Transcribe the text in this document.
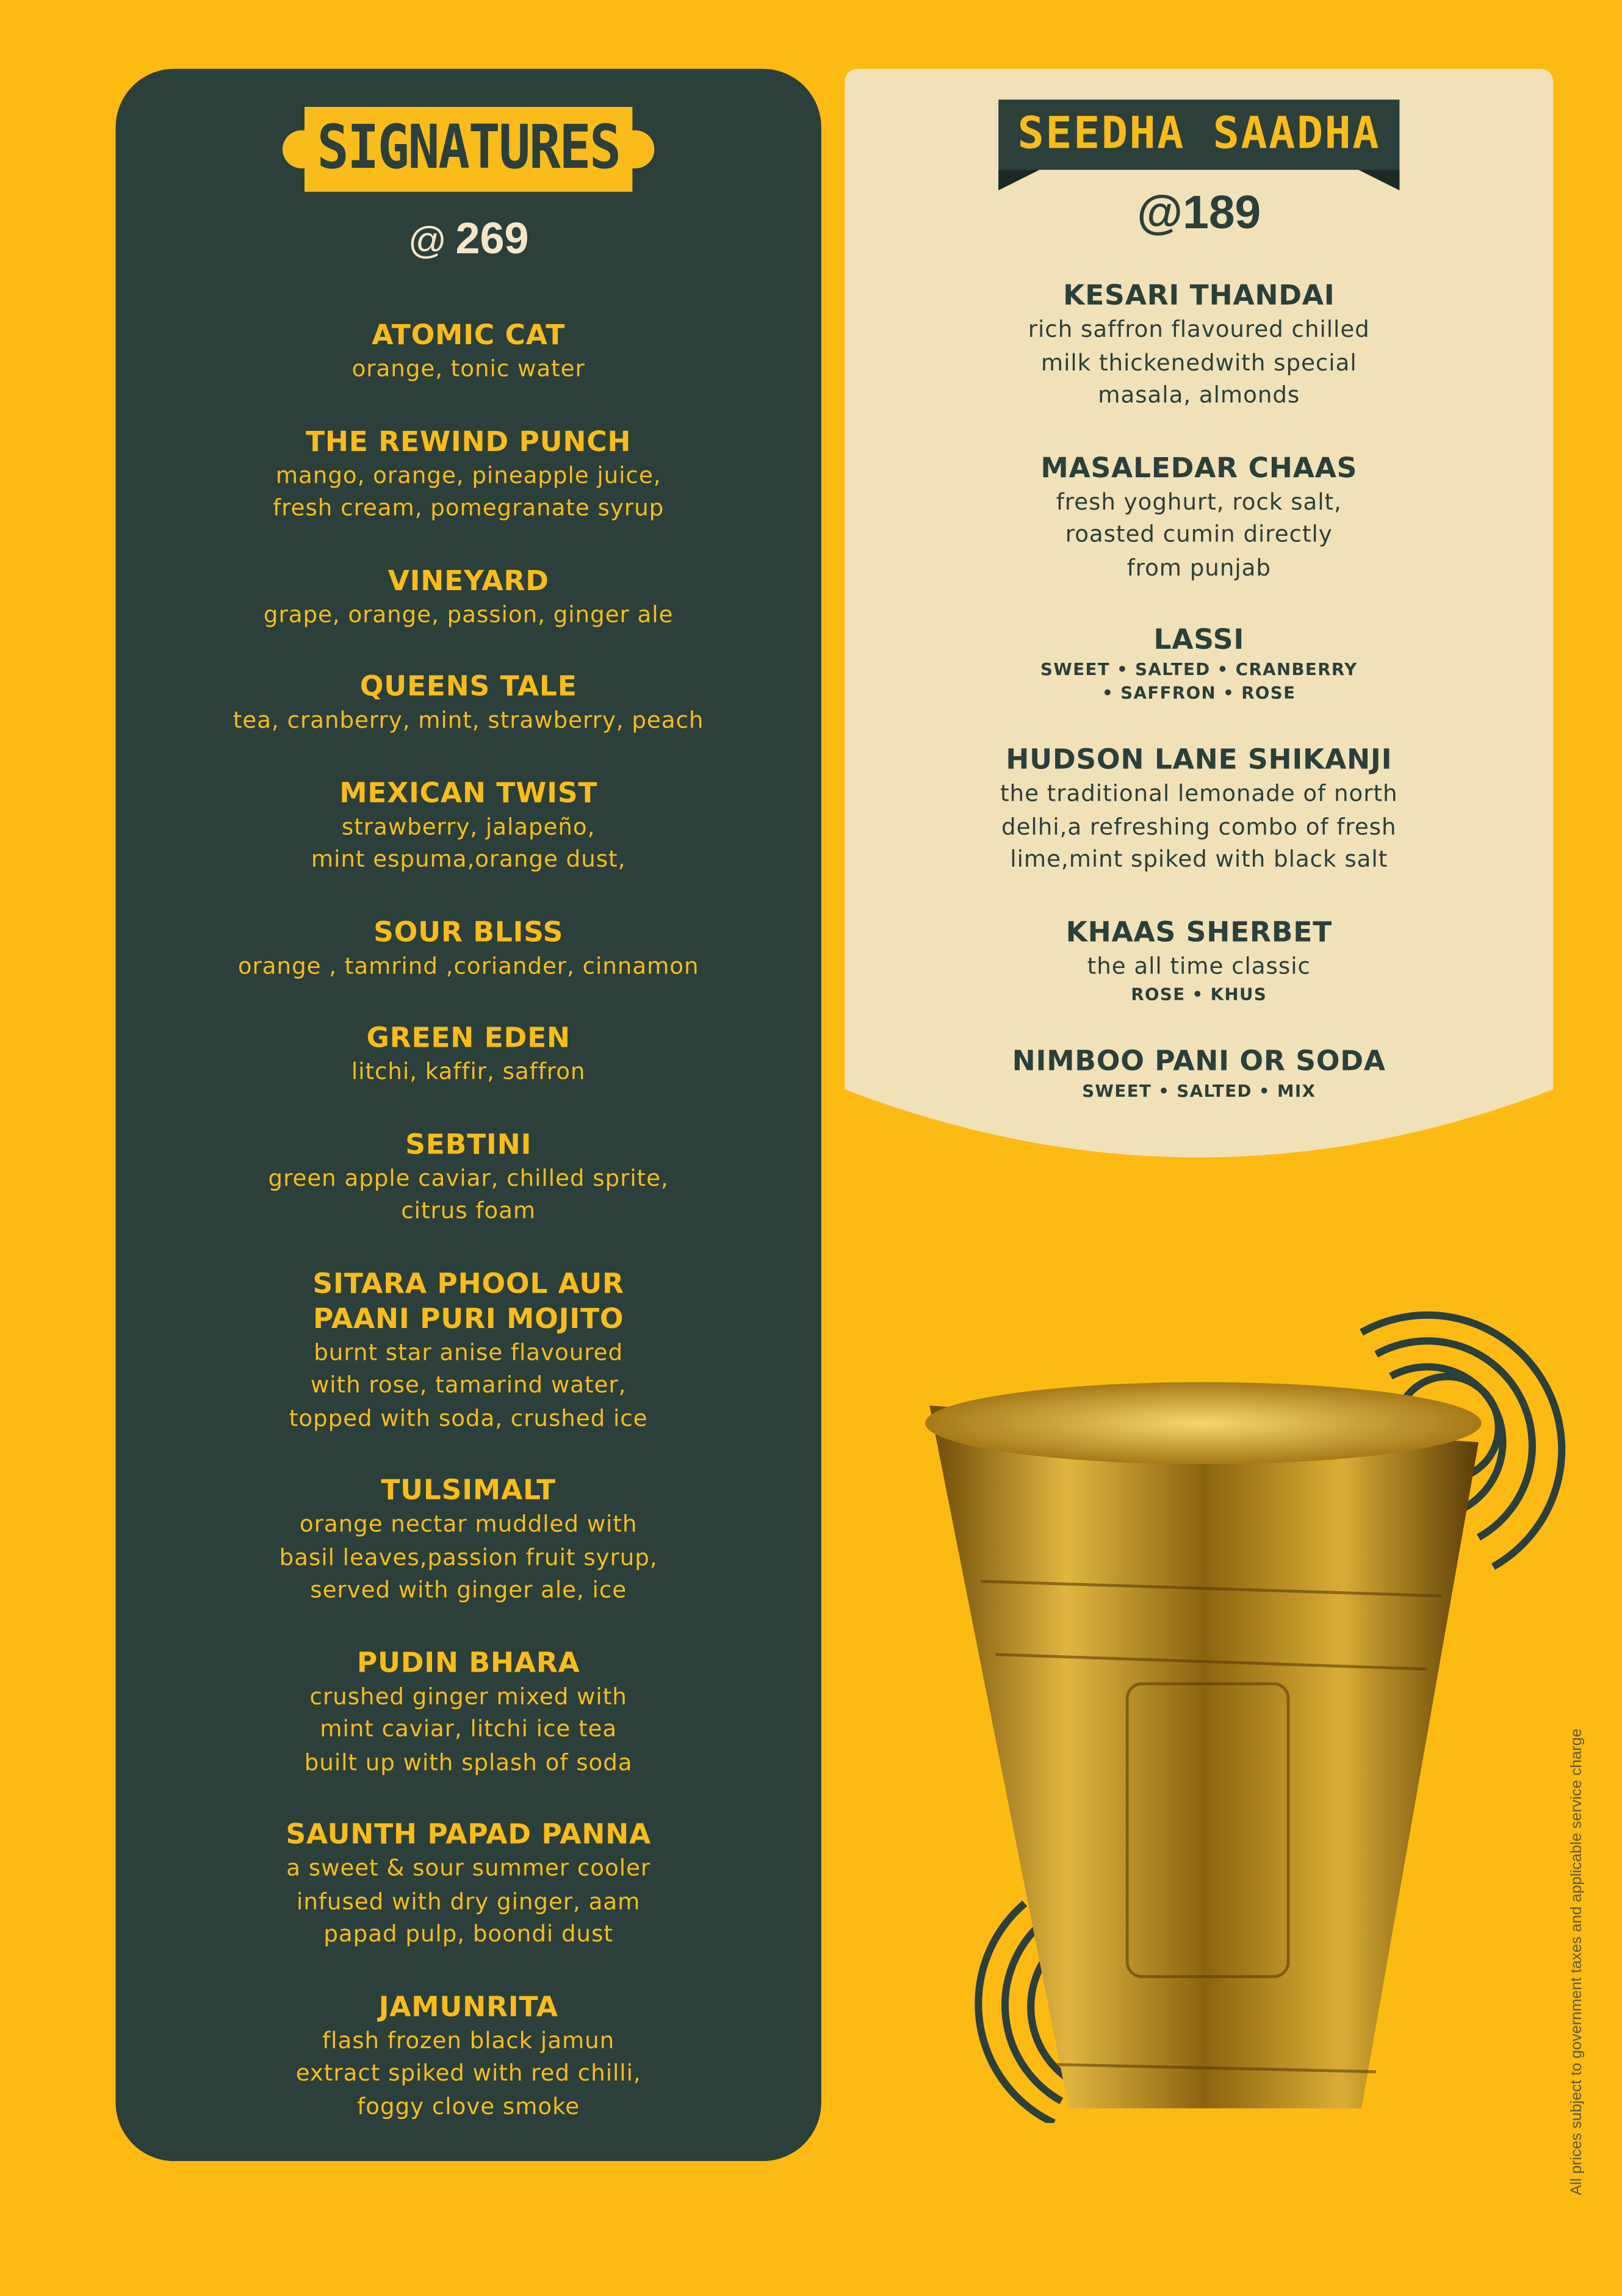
SIGNATURES
@ 269
ATOMIC CAT
orange, tonic water
THE REWIND PUNCH
mango, orange, pineapple juice,
fresh cream, pomegranate syrup
VINEYARD
grape, orange, passion, ginger ale
QUEENS TALE
tea, cranberry, mint, strawberry, peach
MEXICAN TWIST
strawberry, jalapeño,
mint espuma,orange dust,
SOUR BLISS
orange , tamrind ,coriander, cinnamon
GREEN EDEN
litchi, kaffir, saffron
SEBTINI
green apple caviar, chilled sprite,
citrus foam
SITARA PHOOL AUR
PAANI PURI MOJITO
burnt star anise flavoured
with rose, tamarind water,
topped with soda, crushed ice
TULSIMALT
orange nectar muddled with
basil leaves,passion fruit syrup,
served with ginger ale, ice
PUDIN BHARA
crushed ginger mixed with
mint caviar, litchi ice tea
built up with splash of soda
SAUNTH PAPAD PANNA
a sweet & sour summer cooler
infused with dry ginger, aam
papad pulp, boondi dust
JAMUNRITA
flash frozen black jamun
extract spiked with red chilli,
foggy clove smoke
SEEDHA SAADHA
@189
KESARI THANDAI
rich saffron flavoured chilled
milk thickenedwith special
masala, almonds
MASALEDAR CHAAS
fresh yoghurt, rock salt,
roasted cumin directly
from punjab
LASSI
SWEET • SALTED • CRANBERRY
• SAFFRON • ROSE
HUDSON LANE SHIKANJI
the traditional lemonade of north
delhi,a refreshing combo of fresh
lime,mint spiked with black salt
KHAAS SHERBET
the all time classic
ROSE • KHUS
NIMBOO PANI OR SODA
SWEET • SALTED • MIX
All prices subject to government taxes and applicable service charge
